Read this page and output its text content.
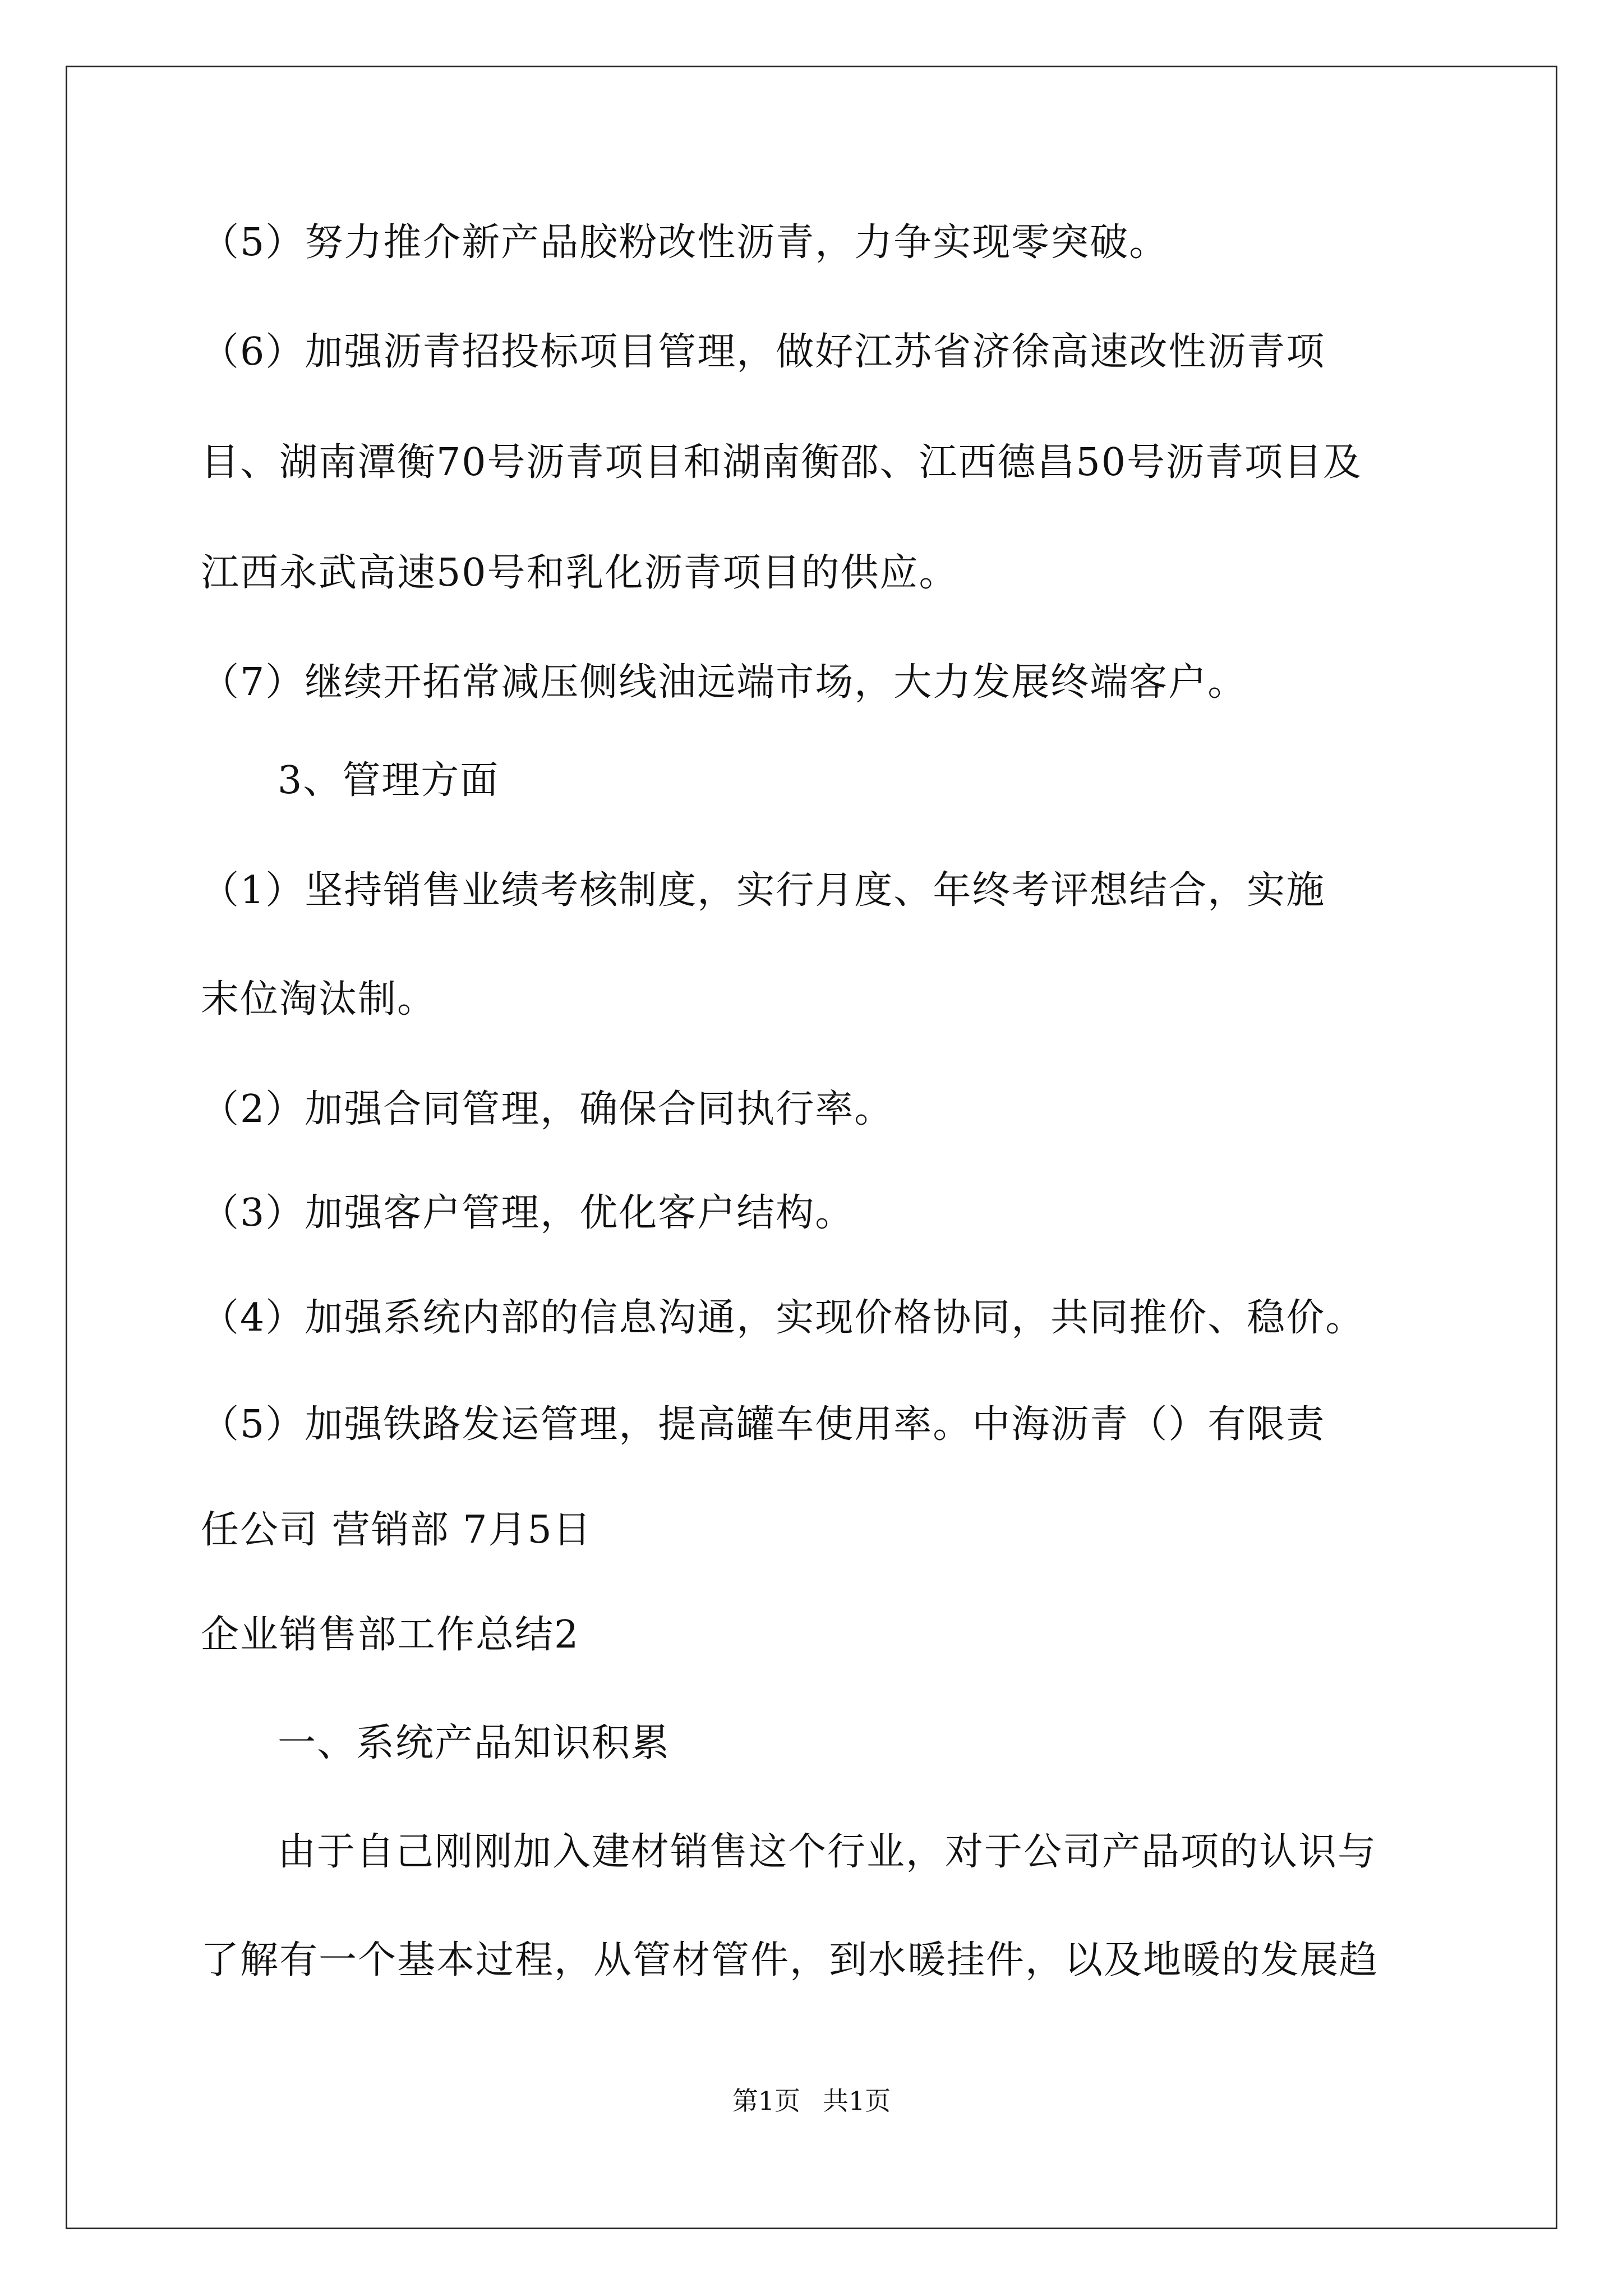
（5）努力推介新产品胶粉改性沥青，力争实现零突破。
（6）加强沥青招投标项目管理，做好江苏省济徐高速改性沥青项
目、湖南潭衡70号沥青项目和湖南衡邵、江西德昌50号沥青项目及
江西永武高速50号和乳化沥青项目的供应。
（7）继续开拓常减压侧线油远端市场，大力发展终端客户。
3、管理方面
（1）坚持销售业绩考核制度，实行月度、年终考评想结合，实施
末位淘汰制。
（2）加强合同管理，确保合同执行率。
（3）加强客户管理，优化客户结构。
（4）加强系统内部的信息沟通，实现价格协同，共同推价、稳价。
（5）加强铁路发运管理，提高罐车使用率。中海沥青（）有限责
任公司 营销部 7月5日
企业销售部工作总结2
一、系统产品知识积累
由于自己刚刚加入建材销售这个行业，对于公司产品项的认识与
了解有一个基本过程，从管材管件，到水暖挂件，以及地暖的发展趋
第1页 共1页
